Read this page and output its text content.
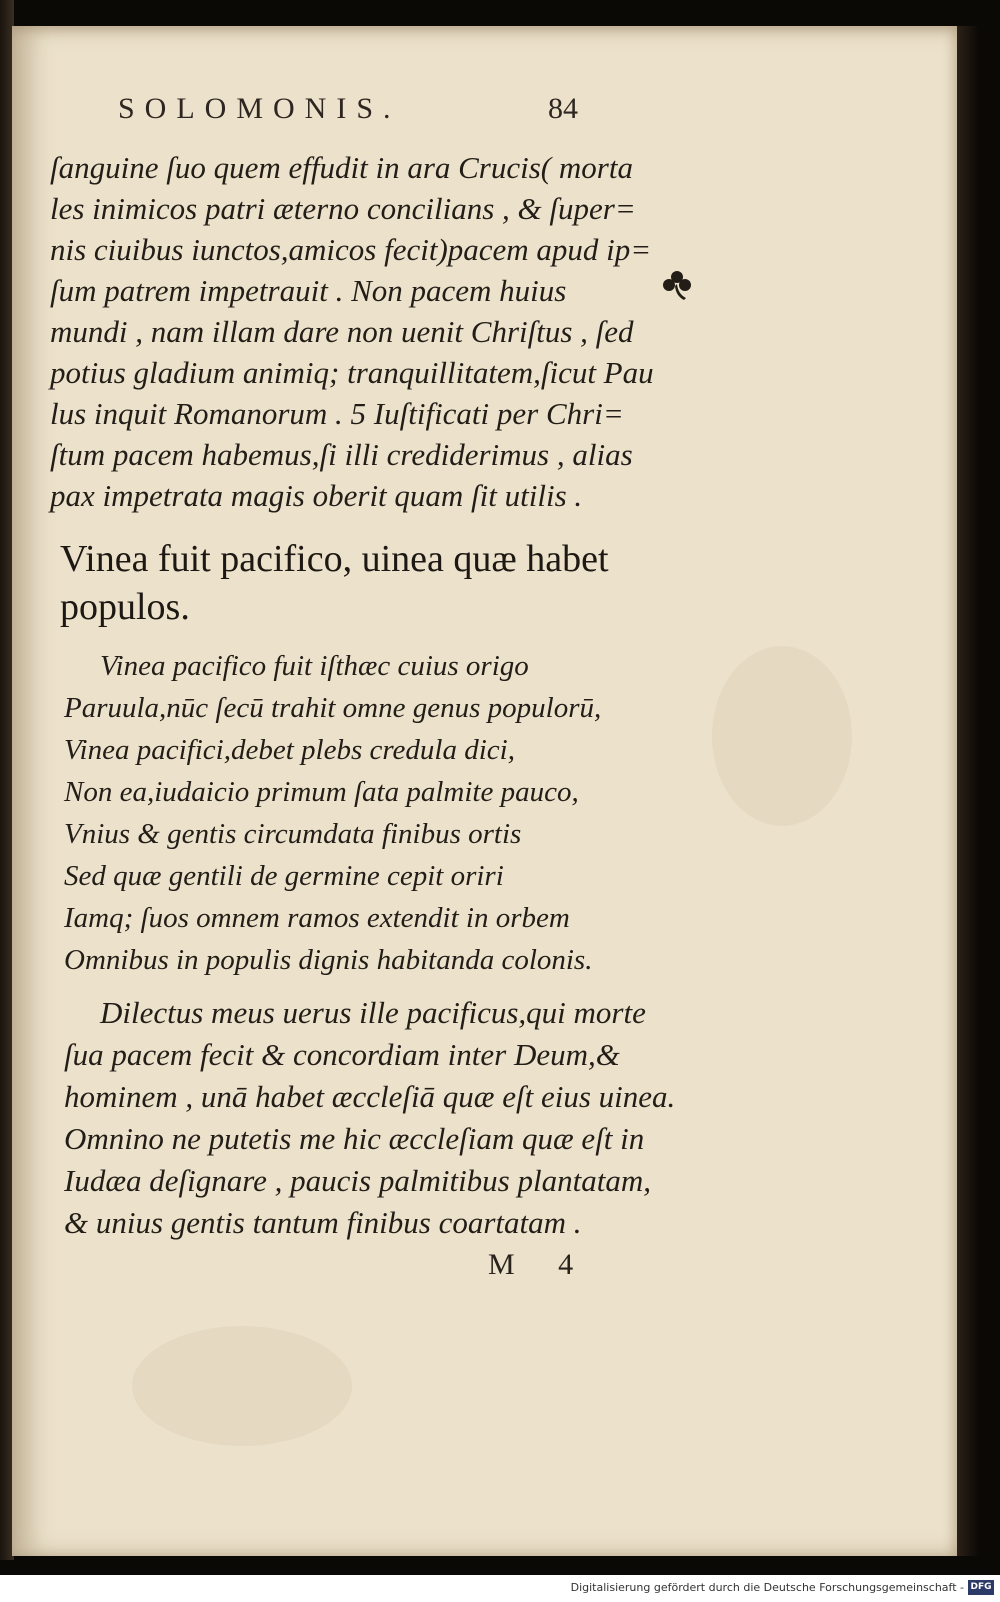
SOLOMONIS.	84
ſanguine ſuo quem effudit in ara Crucis( morta
les inimicos patri æterno concilians , & ſuper=
nis ciuibus iunctos,amicos fecit)pacem apud ip=
ſum patrem impetrauit . Non pacem huius
mundi , nam illam dare non uenit Chriſtus , ſed
potius gladium animiq; tranquillitatem,ſicut Pau
lus inquit Romanorum . 5 Iuſtificati per Chri=
ſtum pacem habemus,ſi illi crediderimus , alias
pax impetrata magis oberit quam ſit utilis .
Vinea fuit pacifico, uinea quæ habet
populos.
Vinea pacifico fuit iſthæc cuius origo
Paruula,nūc ſecū trahit omne genus populorū,
Vinea pacifici,debet plebs credula dici,
Non ea,iudaicio primum ſata palmite pauco,
Vnius & gentis circumdata finibus ortis
Sed quæ gentili de germine cepit oriri
Iamq; ſuos omnem ramos extendit in orbem
Omnibus in populis dignis habitanda colonis.
Dilectus meus uerus ille pacificus,qui morte
ſua pacem fecit & concordiam inter Deum,&
hominem , unā habet æccleſiā quæ eſt eius uinea.
Omnino ne putetis me hic æccleſiam quæ eſt in
Iudæa deſignare , paucis palmitibus plantatam,
& unius gentis tantum finibus coartatam .
M 4
Digitalisierung gefördert durch die Deutsche Forschungsgemeinschaft - DFG
